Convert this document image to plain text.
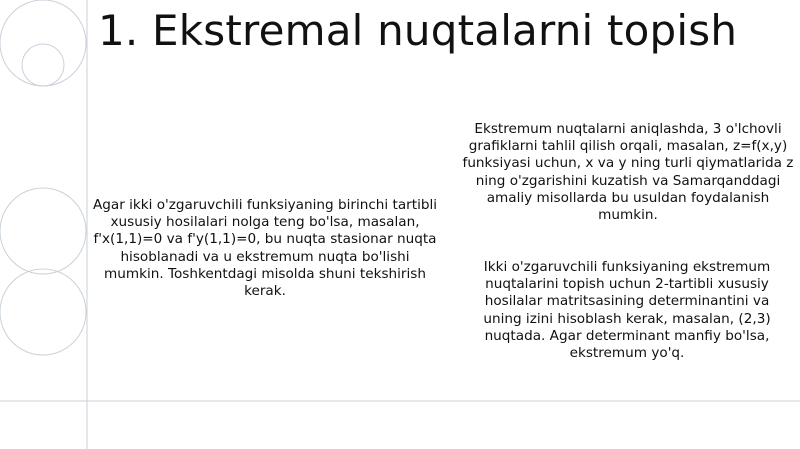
1. Ekstremal nuqtalarni topish

Agar ikki o'zgaruvchili funksiyaning birinchi tartibli xususiy hosilalari nolga teng bo'lsa, masalan, f'x(1,1)=0 va f'y(1,1)=0, bu nuqta stasionar nuqta hisoblanadi va u ekstremum nuqta bo'lishi mumkin. Toshkentdagi misolda shuni tekshirish kerak.

Ekstremum nuqtalarni aniqlashda, 3 o'lchovli grafiklarni tahlil qilish orqali, masalan, z=f(x,y) funksiyasi uchun, x va y ning turli qiymatlarida z ning o'zgarishini kuzatish va Samarqanddagi amaliy misollarda bu usuldan foydalanish mumkin.

Ikki o'zgaruvchili funksiyaning ekstremum nuqtalarini topish uchun 2-tartibli xususiy hosilalar matritsasining determinantini va uning izini hisoblash kerak, masalan, (2,3) nuqtada. Agar determinant manfiy bo'lsa, ekstremum yo'q.
